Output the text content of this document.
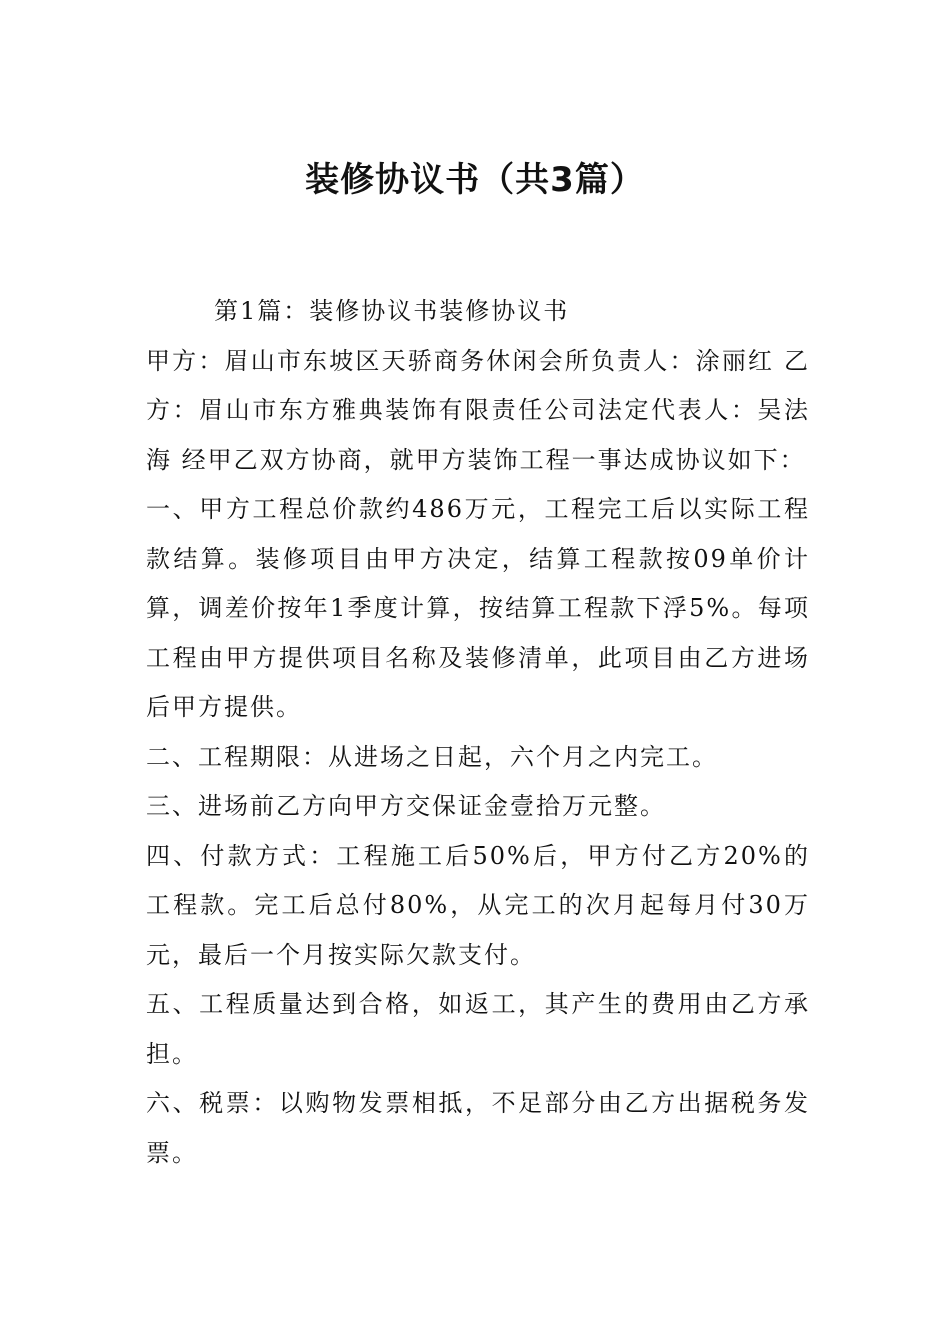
装修协议书（共3篇）

第1篇：装修协议书装修协议书

甲方：眉山市东坡区天骄商务休闲会所负责人：涂丽红 乙方：眉山市东方雅典装饰有限责任公司法定代表人：吴法海 经甲乙双方协商，就甲方装饰工程一事达成协议如下：

一、甲方工程总价款约486万元，工程完工后以实际工程款结算。装修项目由甲方决定，结算工程款按09单价计算，调差价按年1季度计算，按结算工程款下浮5%。每项工程由甲方提供项目名称及装修清单，此项目由乙方进场后甲方提供。

二、工程期限：从进场之日起，六个月之内完工。

三、进场前乙方向甲方交保证金壹拾万元整。

四、付款方式：工程施工后50%后，甲方付乙方20%的工程款。完工后总付80%，从完工的次月起每月付30万元，最后一个月按实际欠款支付。

五、工程质量达到合格，如返工，其产生的费用由乙方承担。

六、税票：以购物发票相抵，不足部分由乙方出据税务发票。
